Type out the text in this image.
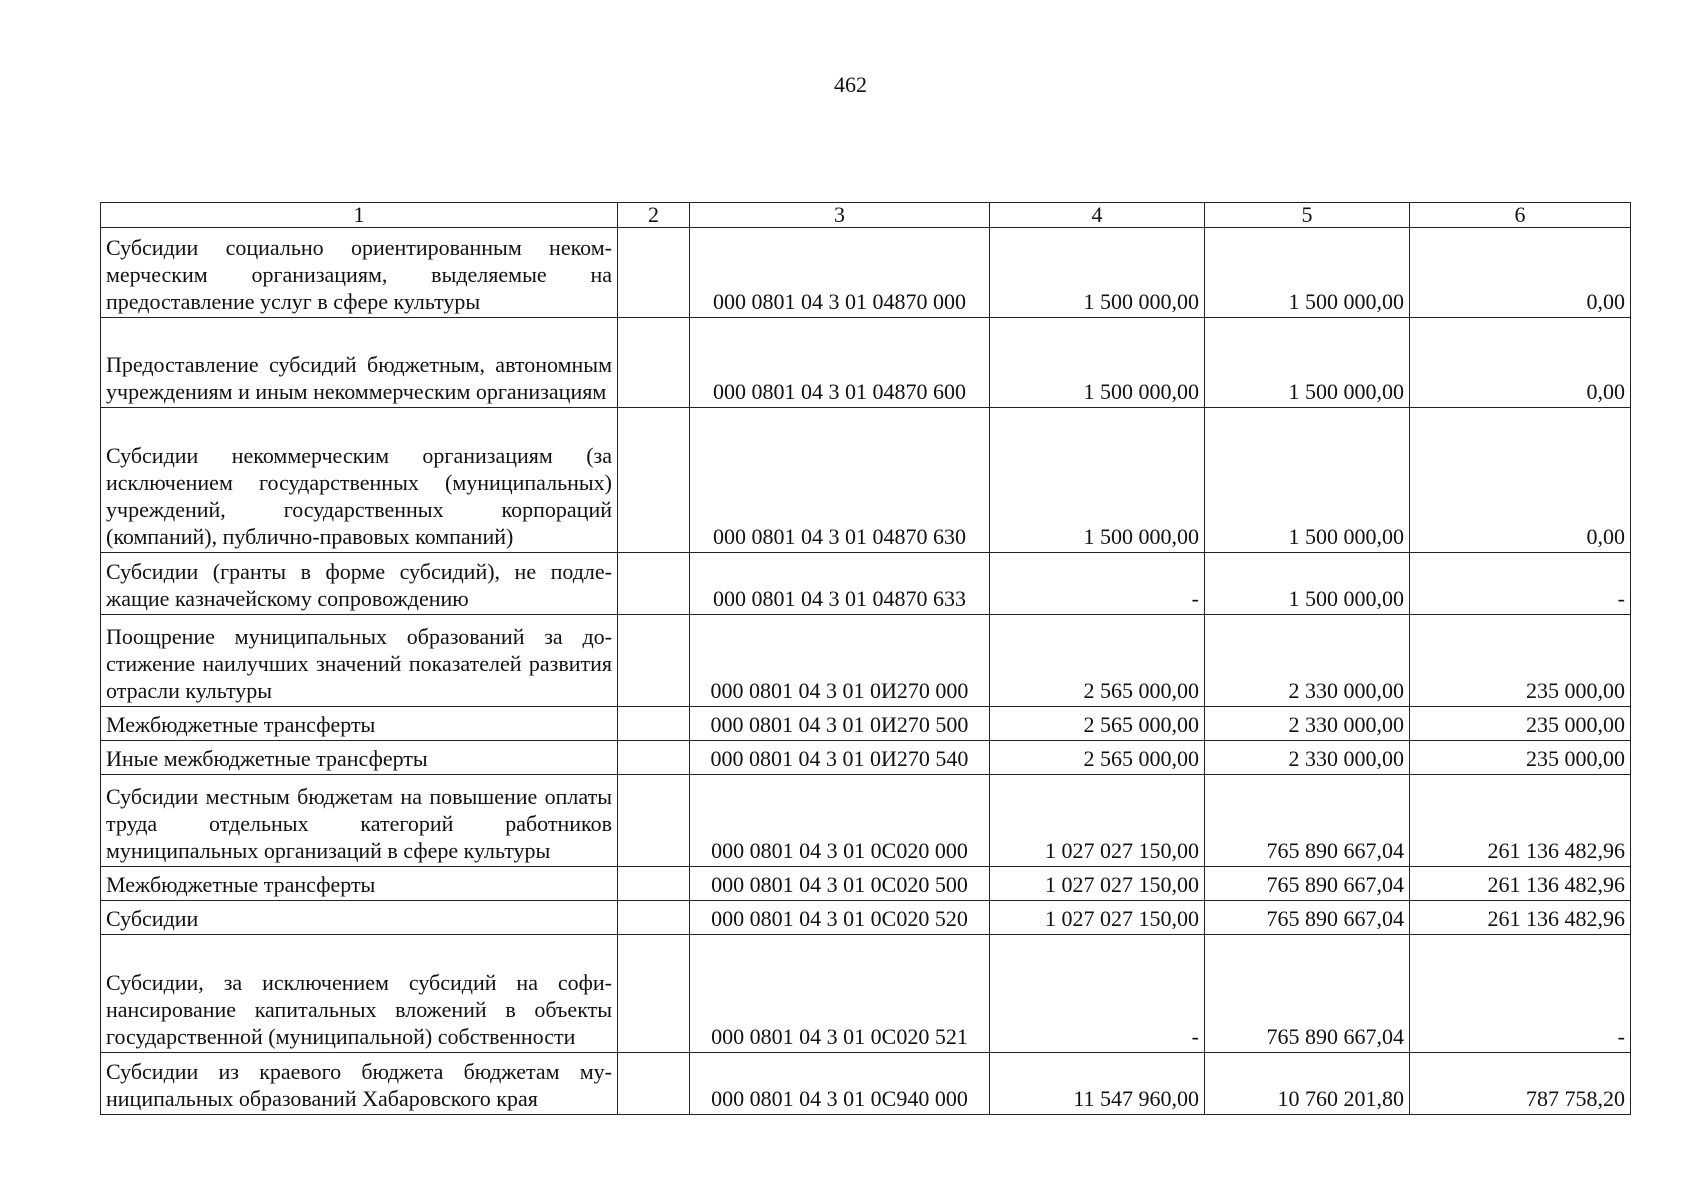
462
1	2	3	4	5	6
Субсидии социально ориентированным некоммерческим организациям, выделяемые на предоставление услуг в сфере культуры		000 0801 04 3 01 04870 000	1 500 000,00	1 500 000,00	0,00
Предоставление субсидий бюджетным, автономным учреждениям и иным некоммерческим организациям		000 0801 04 3 01 04870 600	1 500 000,00	1 500 000,00	0,00
Субсидии некоммерческим организациям (за исключением государственных (муниципальных) учреждений, государственных корпораций (компаний), публично-правовых компаний)		000 0801 04 3 01 04870 630	1 500 000,00	1 500 000,00	0,00
Субсидии (гранты в форме субсидий), не подлежащие казначейскому сопровождению		000 0801 04 3 01 04870 633	-	1 500 000,00	-
Поощрение муниципальных образований за достижение наилучших значений показателей развития отрасли культуры		000 0801 04 3 01 0И270 000	2 565 000,00	2 330 000,00	235 000,00
Межбюджетные трансферты		000 0801 04 3 01 0И270 500	2 565 000,00	2 330 000,00	235 000,00
Иные межбюджетные трансферты		000 0801 04 3 01 0И270 540	2 565 000,00	2 330 000,00	235 000,00
Субсидии местным бюджетам на повышение оплаты труда отдельных категорий работников муниципальных организаций в сфере культуры		000 0801 04 3 01 0С020 000	1 027 027 150,00	765 890 667,04	261 136 482,96
Межбюджетные трансферты		000 0801 04 3 01 0С020 500	1 027 027 150,00	765 890 667,04	261 136 482,96
Субсидии		000 0801 04 3 01 0С020 520	1 027 027 150,00	765 890 667,04	261 136 482,96
Субсидии, за исключением субсидий на софинансирование капитальных вложений в объекты государственной (муниципальной) собственности		000 0801 04 3 01 0С020 521	-	765 890 667,04	-
Субсидии из краевого бюджета бюджетам муниципальных образований Хабаровского края		000 0801 04 3 01 0С940 000	11 547 960,00	10 760 201,80	787 758,20
